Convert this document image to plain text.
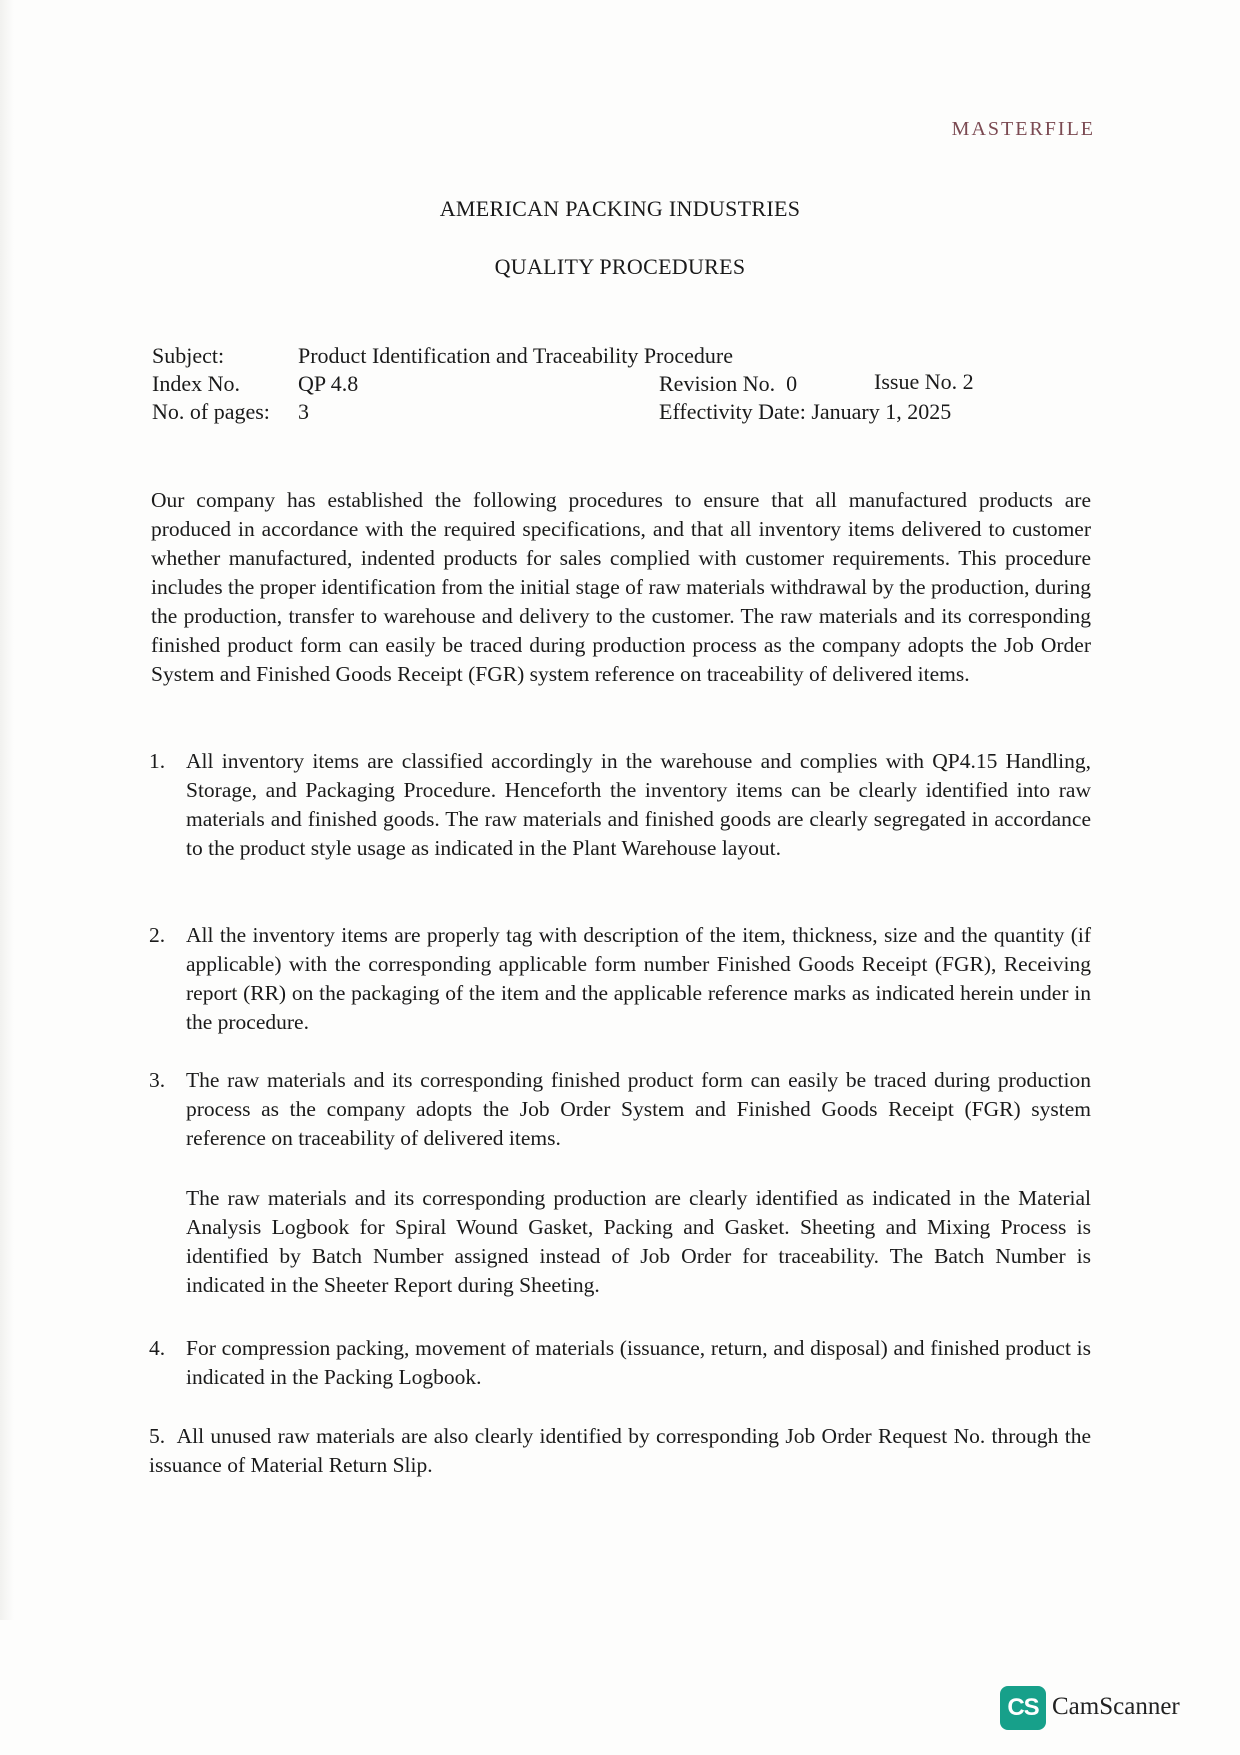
MASTERFILE
AMERICAN PACKING INDUSTRIES
QUALITY PROCEDURES
Subject:	Product Identification and Traceability Procedure
Index No.	QP 4.8	Revision No.  0	Issue No. 2
No. of pages: 3	Effectivity Date: January 1, 2025
Our company has established the following procedures to ensure that all manufactured products are produced in accordance with the required specifications, and that all inventory items delivered to customer whether manufactured, indented products for sales complied with customer requirements. This procedure includes the proper identification from the initial stage of raw materials withdrawal by the production, during the production, transfer to warehouse and delivery to the customer. The raw materials and its corresponding finished product form can easily be traced during production process as the company adopts the Job Order System and Finished Goods Receipt (FGR) system reference on traceability of delivered items.
1. All inventory items are classified accordingly in the warehouse and complies with QP4.15 Handling, Storage, and Packaging Procedure. Henceforth the inventory items can be clearly identified into raw materials and finished goods. The raw materials and finished goods are clearly segregated in accordance to the product style usage as indicated in the Plant Warehouse layout.
2. All the inventory items are properly tag with description of the item, thickness, size and the quantity (if applicable) with the corresponding applicable form number Finished Goods Receipt (FGR), Receiving report (RR) on the packaging of the item and the applicable reference marks as indicated herein under in the procedure.
3. The raw materials and its corresponding finished product form can easily be traced during production process as the company adopts the Job Order System and Finished Goods Receipt (FGR) system reference on traceability of delivered items.
The raw materials and its corresponding production are clearly identified as indicated in the Material Analysis Logbook for Spiral Wound Gasket, Packing and Gasket. Sheeting and Mixing Process is identified by Batch Number assigned instead of Job Order for traceability. The Batch Number is indicated in the Sheeter Report during Sheeting.
4. For compression packing, movement of materials (issuance, return, and disposal) and finished product is indicated in the Packing Logbook.
5. All unused raw materials are also clearly identified by corresponding Job Order Request No. through the issuance of Material Return Slip.
CS CamScanner
